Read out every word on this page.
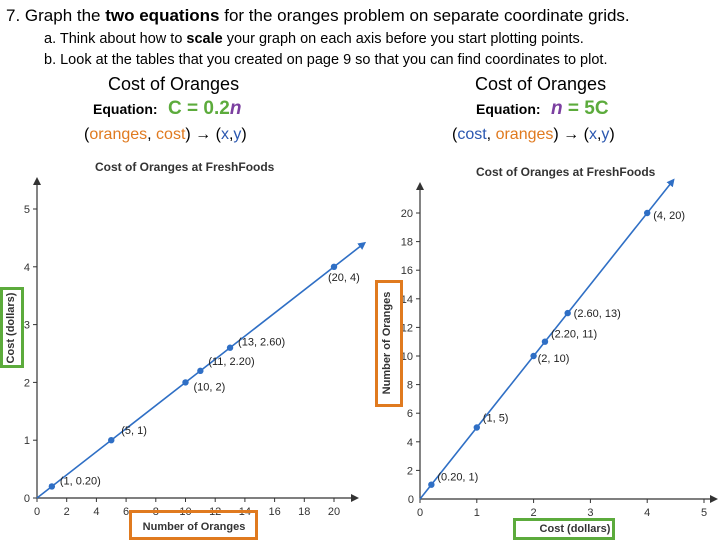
7. Graph the two equations for the oranges problem on separate coordinate grids.
a. Think about how to scale your graph on each axis before you start plotting points.
b. Look at the tables that you created on page 9 so that you can find coordinates to plot.
Cost of Oranges
Equation: C = 0.2n
(oranges, cost) → (x,y)
Cost of Oranges
Equation: n = 5C
(cost, oranges) → (x,y)
Cost of Oranges at FreshFoods
0 2 4 6 8 10 12 14 16 18 20
0
1
2
3
4
5
Number of Oranges
Cost (dollars)
(1, 0.20)
(5, 1)
(10, 2)
(11, 2.20)
(13, 2.60)
(20, 4)
Cost of Oranges at FreshFoods
0	1	2	3	4	5
0
2
4
6
8
10
12
14
16
18
20
Cost (dollars)
Number of Oranges
(0.20, 1)
(1, 5)
(2, 10)
(2.20, 11)
(2.60, 13)
(4, 20)
